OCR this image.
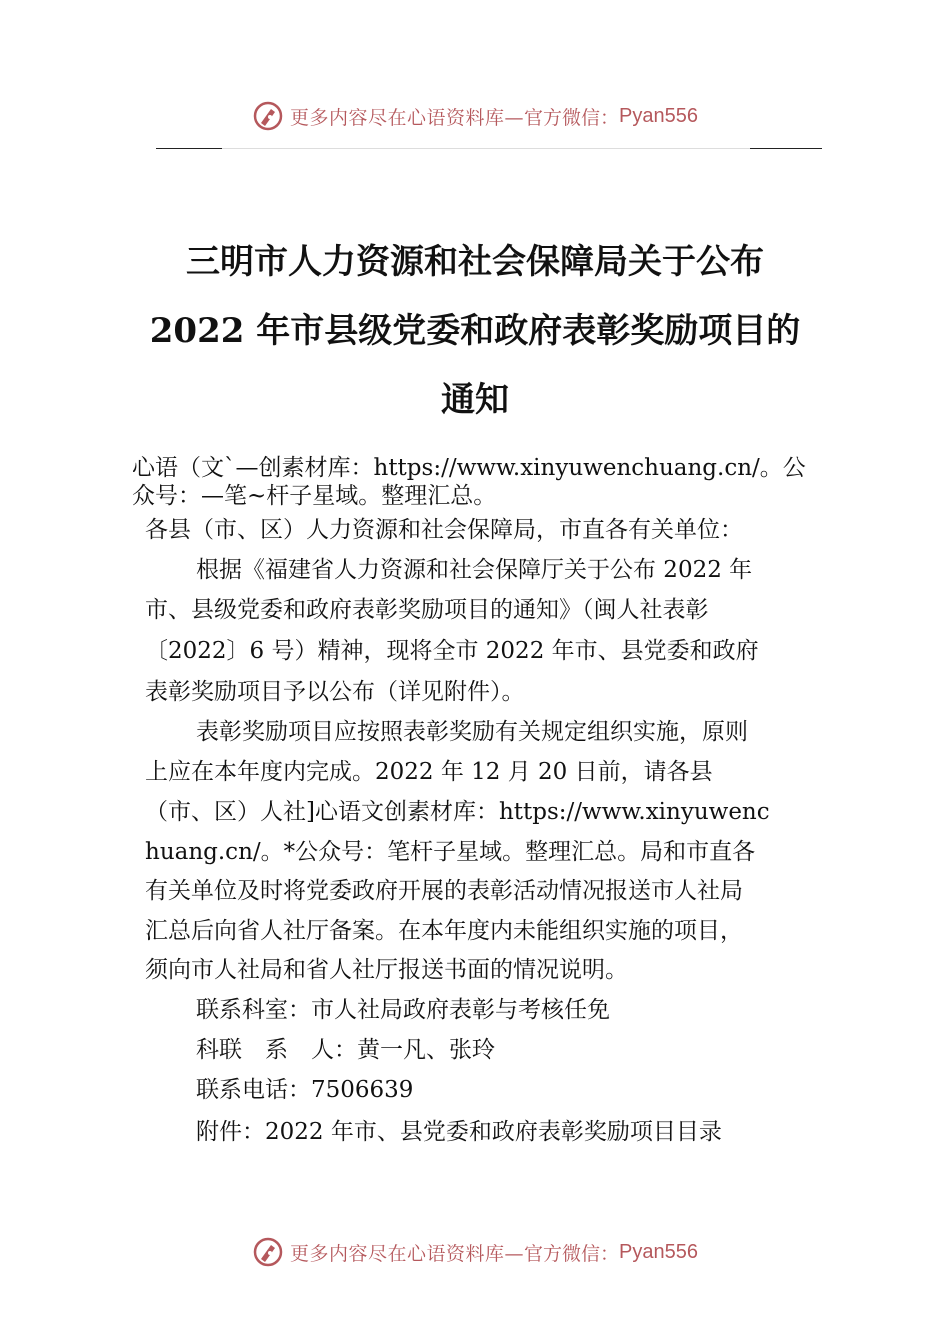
更多内容尽在心语资料库— 官方微信： Pyan556
三明市人力资源和社会保障局关于公布
2022 年市县级党委和政府表彰奖励项目的
通知
心语（文`—创素材库：https://www.xinyuwenchuang.cn/。公
众号：—笔~杆子星域。整理汇总。
各县（市、区）人力资源和社会保障局，市直各有关单位：
根据《福建省人力资源和社会保障厅关于公布 2022 年
市、县级党委和政府表彰奖励项目的通知》（闽人社表彰
〔2022〕6 号）精神，现将全市 2022 年市、县党委和政府
表彰奖励项目予以公布（详见附件）。
表彰奖励项目应按照表彰奖励有关规定组织实施，原则
上应在本年度内完成。2022 年 12 月 20 日前，请各县
（市、区）人社]心语文创素材库：https://www.xinyuwenc
huang.cn/。*公众号：笔杆子星域。整理汇总。局和市直各
有关单位及时将党委政府开展的表彰活动情况报送市人社局
汇总后向省人社厅备案。在本年度内未能组织实施的项目，
须向市人社局和省人社厅报送书面的情况说明。
联系科室：市人社局政府表彰与考核任免
科联　系　人：黄一凡、张玲
联系电话：7506639
附件：2022 年市、县党委和政府表彰奖励项目目录
更多内容尽在心语资料库— 官方微信： Pyan556
